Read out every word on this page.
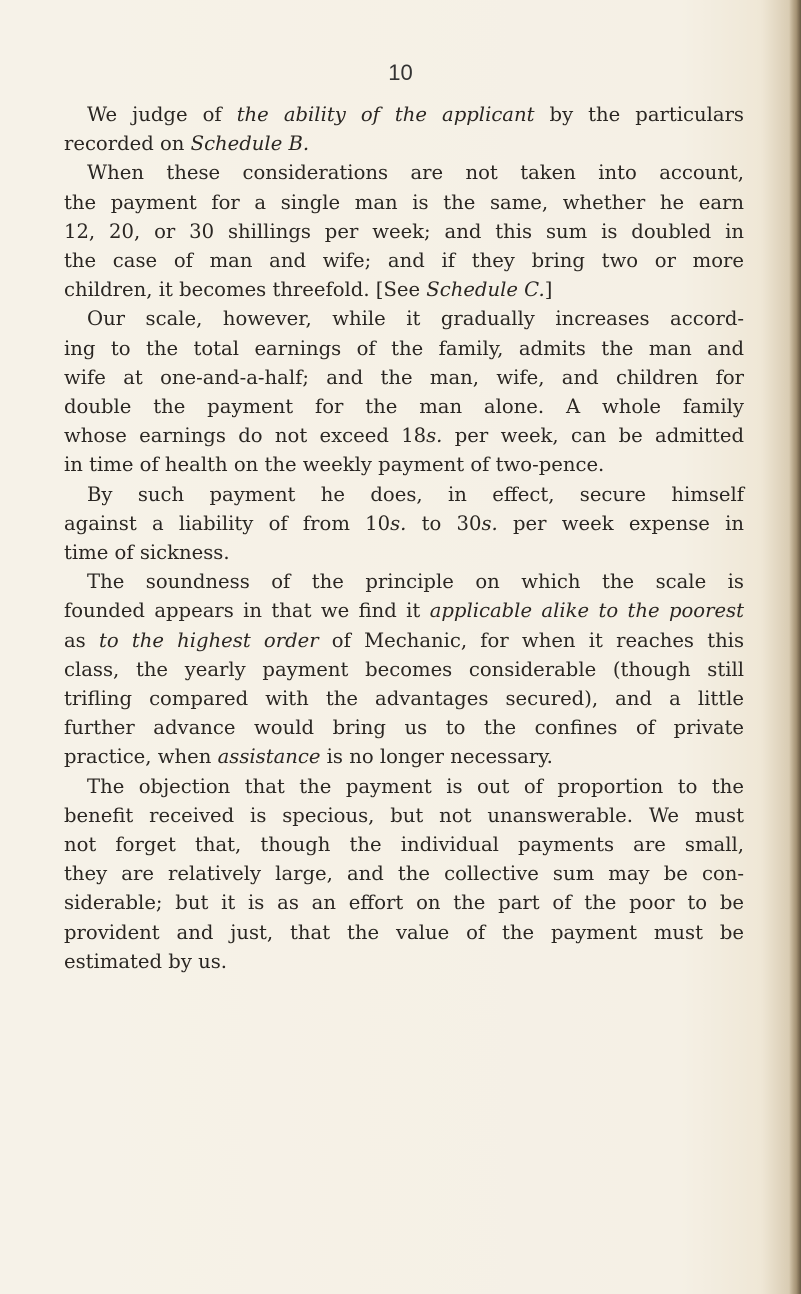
10
We judge of the ability of the applicant by the particulars
recorded on Schedule B.
When these considerations are not taken into account,
the payment for a single man is the same, whether he earn
12, 20, or 30 shillings per week; and this sum is doubled in
the case of man and wife; and if they bring two or more
children, it becomes threefold. [See Schedule C.]
Our scale, however, while it gradually increases accord-
ing to the total earnings of the family, admits the man and
wife at one-and-a-half; and the man, wife, and children for
double the payment for the man alone. A whole family
whose earnings do not exceed 18s. per week, can be admitted
in time of health on the weekly payment of two-pence.
By such payment he does, in effect, secure himself
against a liability of from 10s. to 30s. per week expense in
time of sickness.
The soundness of the principle on which the scale is
founded appears in that we find it applicable alike to the poorest
as to the highest order of Mechanic, for when it reaches this
class, the yearly payment becomes considerable (though still
trifling compared with the advantages secured), and a little
further advance would bring us to the confines of private
practice, when assistance is no longer necessary.
The objection that the payment is out of proportion to the
benefit received is specious, but not unanswerable. We must
not forget that, though the individual payments are small,
they are relatively large, and the collective sum may be con-
siderable; but it is as an effort on the part of the poor to be
provident and just, that the value of the payment must be
estimated by us.
